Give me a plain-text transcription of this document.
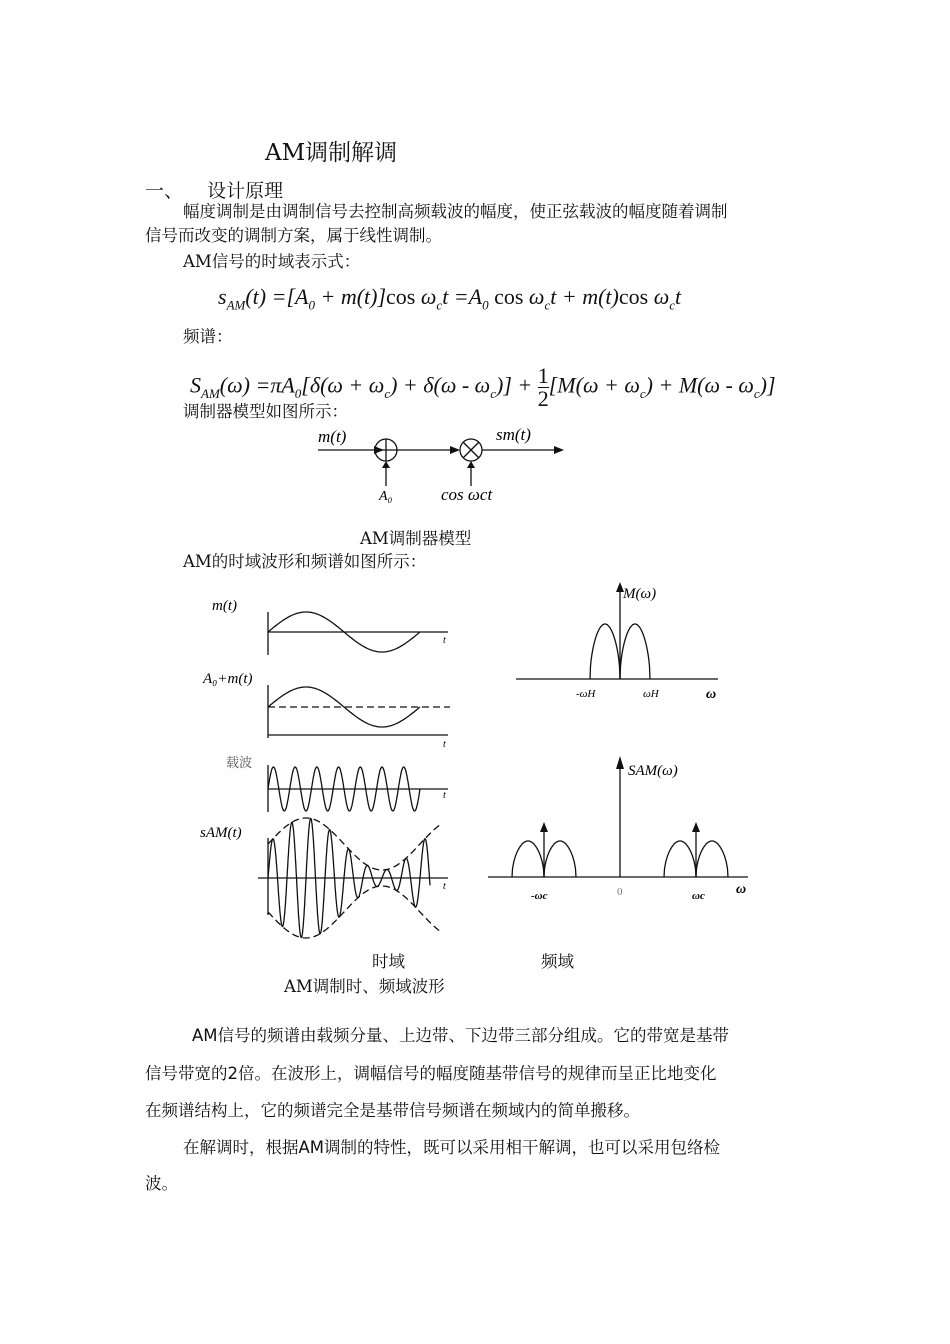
AM调制解调
一、 设计原理
幅度调制是由调制信号去控制高频载波的幅度，使正弦载波的幅度随着调制
信号而改变的调制方案，属于线性调制。
AM信号的时域表示式：
$s_{AM}(t) =[A_0 + m(t)]\cos$ $\omega_ct =A_0$ $\cos \omega_ct + m(t)\cos$ $\omega_ct$
频谱：
$S_{AM}(\omega) =\pi A_0[\delta(\omega + \omega_c) + \delta(\omega - \omega_c)] + \frac{1}{2} [M(\omega + \omega_c) + M(\omega - \omega_c)]$
调制器模型如图所示：
m(t)	sm(t)
A₀	cos ωct
AM调制器模型
AM的时域波形和频谱如图所示：
m(t)
A₀+m(t)
载波
sAM(t)
t
t
t
t
M(ω)
SAM(ω)
ω
ω
-ωH	ωH
-ωc	0	ωc
时域	频域
AM调制时、频域波形
AM信号的频谱由载频分量、上边带、下边带三部分组成。它的带宽是基带
信号带宽的2倍。在波形上，调幅信号的幅度随基带信号的规律而呈正比地变化
在频谱结构上，它的频谱完全是基带信号频谱在频域内的简单搬移。
在解调时，根据AM调制的特性，既可以采用相干解调，也可以采用包络检
波。
